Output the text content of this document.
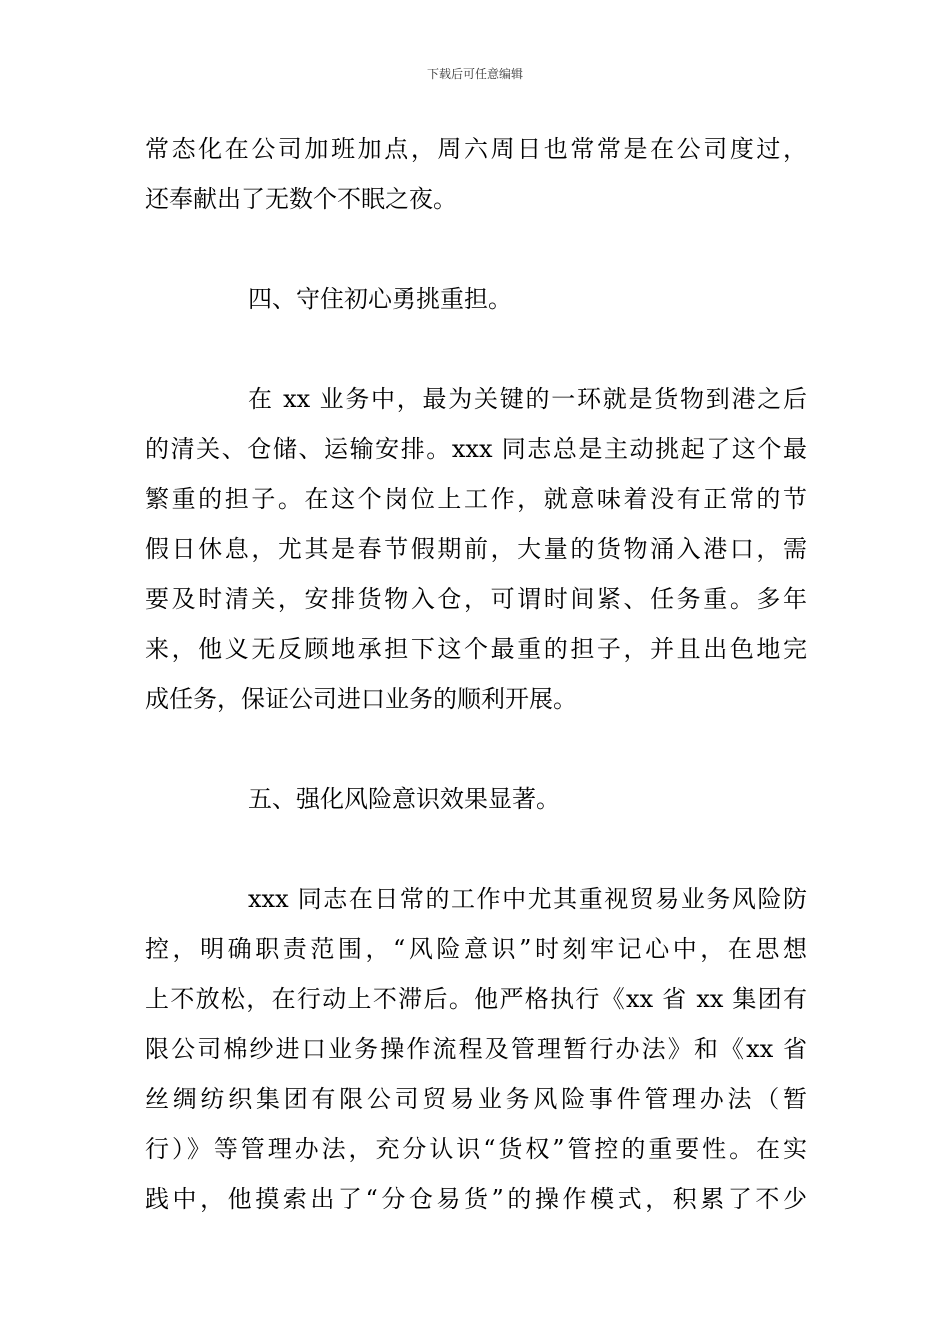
下载后可任意编辑
常态化在公司加班加点，周六周日也常常是在公司度过，
还奉献出了无数个不眠之夜。
四、守住初心勇挑重担。
在 xx 业务中，最为关键的一环就是货物到港之后
的清关、仓储、运输安排。xxx 同志总是主动挑起了这个最
繁重的担子。在这个岗位上工作，就意味着没有正常的节
假日休息，尤其是春节假期前，大量的货物涌入港口，需
要及时清关，安排货物入仓，可谓时间紧、任务重。多年
来，他义无反顾地承担下这个最重的担子，并且出色地完
成任务，保证公司进口业务的顺利开展。
五、强化风险意识效果显著。
xxx 同志在日常的工作中尤其重视贸易业务风险防
控，明确职责范围，“风险意识”时刻牢记心中，在思想
上不放松，在行动上不滞后。他严格执行《xx 省 xx 集团有
限公司棉纱进口业务操作流程及管理暂行办法》和《xx 省
丝绸纺织集团有限公司贸易业务风险事件管理办法（暂
行）》等管理办法，充分认识“货权”管控的重要性。在实
践中，他摸索出了“分仓易货”的操作模式，积累了不少
